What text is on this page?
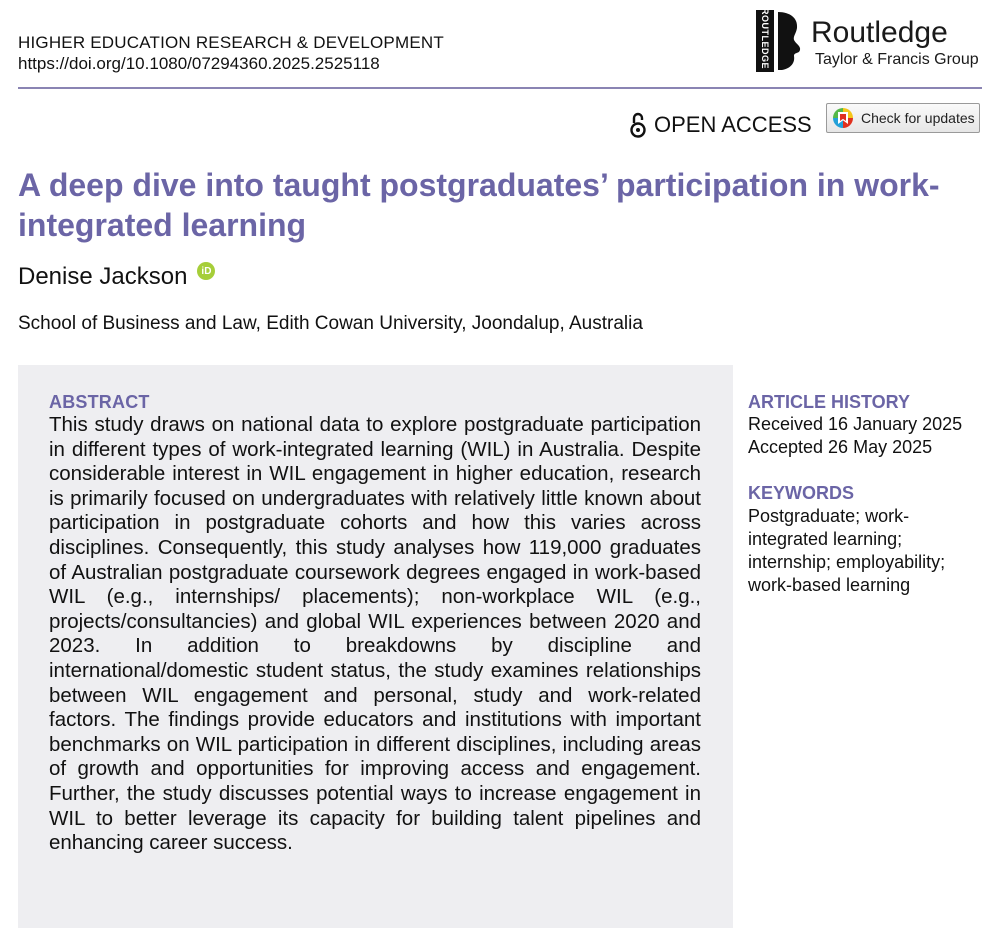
HIGHER EDUCATION RESEARCH & DEVELOPMENT
https://doi.org/10.1080/07294360.2025.2525118	ROUTLEDGE Routledge
Taylor & Francis Group
OPEN ACCESS	Check for updates
A deep dive into taught postgraduates’ participation in work-integrated learning
Denise Jackson	iD
School of Business and Law, Edith Cowan University, Joondalup, Australia
ABSTRACT

This study draws on national data to explore postgraduate participation in different types of work-integrated learning (WIL) in Australia. Despite considerable interest in WIL engagement in higher education, research is primarily focused on undergraduates with relatively little known about participation in postgraduate cohorts and how this varies across disciplines. Consequently, this study analyses how 119,000 graduates of Australian postgraduate coursework degrees engaged in work-based WIL (e.g., internships/ placements); non-workplace WIL (e.g., projects/consultancies) and global WIL experiences between 2020 and 2023. In addition to breakdowns by discipline and international/domestic student status, the study examines relationships between WIL engagement and personal, study and work-related factors. The findings provide educators and institutions with important benchmarks on WIL participation in different disciplines, including areas of growth and opportunities for improving access and engagement. Further, the study discusses potential ways to increase engagement in WIL to better leverage its capacity for building talent pipelines and enhancing career success.

ARTICLE HISTORY

Received 16 January 2025

Accepted 26 May 2025

KEYWORDS

Postgraduate; work-

integrated learning;

internship; employability;

work-based learning
